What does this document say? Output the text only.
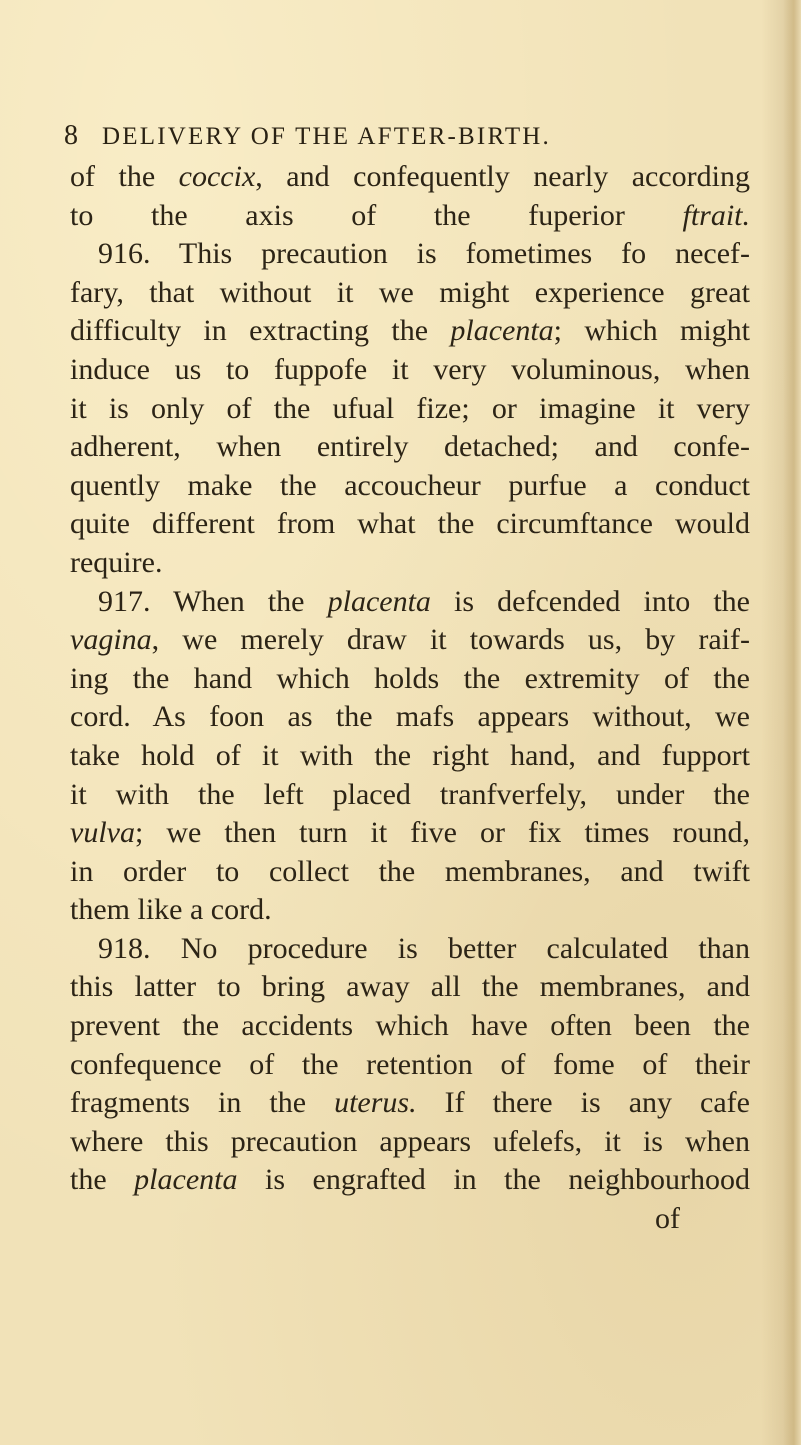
8 DELIVERY OF THE AFTER-BIRTH.
of the coccix, and confequently nearly according
to the axis of the fuperior ftrait.
916. This precaution is fometimes fo necef-
fary, that without it we might experience great
difficulty in extracting the placenta; which might
induce us to fuppofe it very voluminous, when
it is only of the ufual fize; or imagine it very
adherent, when entirely detached; and confe-
quently make the accoucheur purfue a conduct
quite different from what the circumftance would
require.
917. When the placenta is defcended into the
vagina, we merely draw it towards us, by raif-
ing the hand which holds the extremity of the
cord. As foon as the mafs appears without, we
take hold of it with the right hand, and fupport
it with the left placed tranfverfely, under the
vulva; we then turn it five or fix times round,
in order to collect the membranes, and twift
them like a cord.
918. No procedure is better calculated than
this latter to bring away all the membranes, and
prevent the accidents which have often been the
confequence of the retention of fome of their
fragments in the uterus. If there is any cafe
where this precaution appears ufelefs, it is when
the placenta is engrafted in the neighbourhood
of
